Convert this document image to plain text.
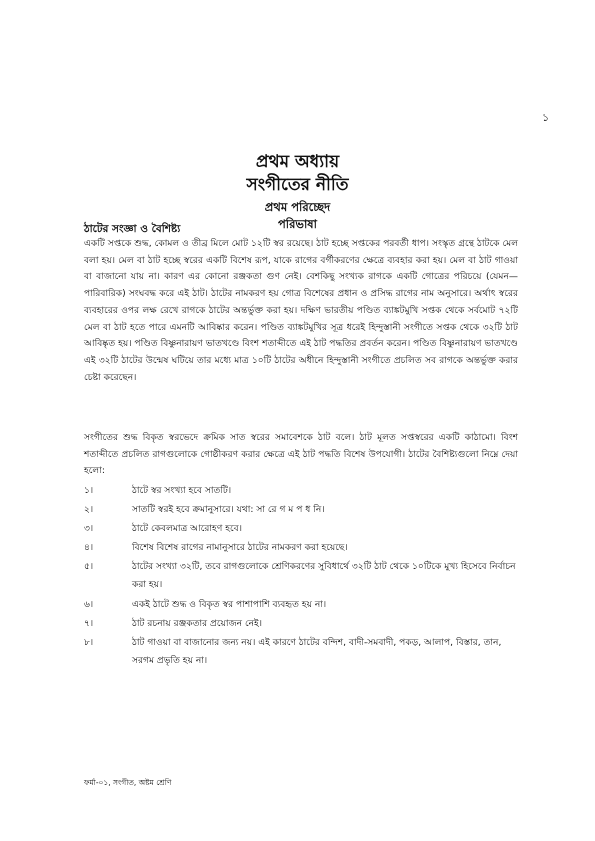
১
প্রথম অধ্যায়
সংগীতের নীতি
প্রথম পরিচ্ছেদ
পরিভাষা
ঠাটের সংজ্ঞা ও বৈশিষ্ট্য

একটি সপ্তকে শুদ্ধ, কোমল ও তীব্র মিলে মোট ১২টি স্বর রয়েছে। ঠাট হচ্ছে সপ্তকের পরবর্তী ধাপ। সংস্কৃত গ্রন্থে ঠাটকে মেল বলা হয়। মেল বা ঠাট হচ্ছে স্বরের একটি বিশেষ রূপ, যাকে রাগের বর্গীকরণের ক্ষেত্রে ব্যবহার করা হয়। মেল বা ঠাট গাওয়া বা বাজানো যায় না। কারণ এর কোনো রঞ্জকতা গুণ নেই। বেশকিছু সংখ্যক রাগকে একটি গোত্রের পরিচয়ে (যেমন— পারিবারিক) সংঘবদ্ধ করে এই ঠাট। ঠাটের নামকরণ হয় গোত্র বিশেষের প্রধান ও প্রসিদ্ধ রাগের নাম অনুসারে। অর্থাৎ স্বরের ব্যবহারের ওপর লক্ষ রেখে রাগকে ঠাটের অন্তর্ভুক্ত করা হয়। দক্ষিণ ভারতীয় পণ্ডিত ব্যাঙ্কটমুখি সপ্তক থেকে সর্বমোট ৭২টি মেল বা ঠাট হতে পারে এমনটি আবিষ্কার করেন। পণ্ডিত ব্যাঙ্কটমুখির সূত্র ধরেই হিন্দুস্তানী সংগীতে সপ্তক থেকে ৩২টি ঠাট আবিষ্কৃত হয়। পণ্ডিত বিষ্ণুনারায়ণ ভাতখণ্ডে বিংশ শতাব্দীতে এই ঠাট পদ্ধতির প্রবর্তন করেন। পণ্ডিত বিষ্ণুনারায়ণ ভাতখণ্ডে এই ৩২টি ঠাটের উন্মেষ ঘটিয়ে তার মধ্যে মাত্র ১০টি ঠাটের অধীনে হিন্দুস্তানী সংগীতে প্রচলিত সব রাগকে অন্তর্ভুক্ত করার চেষ্টা করেছেন।

সংগীতের শুদ্ধ বিকৃত স্বরভেদে ক্রমিক সাত স্বরের সমাবেশকে ঠাট বলে। ঠাট মূলত সপ্তস্বরের একটি কাঠামো। বিংশ শতাব্দীতে প্রচলিত রাগগুলোকে গোষ্ঠীকরণ করার ক্ষেত্রে এই ঠাট পদ্ধতি বিশেষ উপযোগী। ঠাটের বৈশিষ্ট্যগুলো নিম্নে দেয়া হলো:

১।	ঠাটে স্বর সংখ্যা হবে সাতটি।
২।	সাতটি স্বরই হবে ক্রমানুসারে। যথা: সা রে গ ম প ধ নি।
৩।	ঠাটে কেবলমাত্র আরোহণ হবে।
৪।	বিশেষ বিশেষ রাগের নামানুসারে ঠাটের নামকরণ করা হয়েছে।
৫।	ঠাটের সংখ্যা ৩২টি, তবে রাগগুলোকে শ্রেণিকরণের সুবিধার্থে ৩২টি ঠাট থেকে ১০টিকে মুখ্য হিসেবে নির্বাচন করা হয়।
৬।	একই ঠাটে শুদ্ধ ও বিকৃত স্বর পাশাপাশি ব্যবহৃত হয় না।
৭।	ঠাট রচনায় রঞ্জকতার প্রয়োজন নেই।
৮।	ঠাট গাওয়া বা বাজানোর জন্য নয়। এই কারণে ঠাটের বন্দিশ, বাদী-সমবাদী, পকড়, আলাপ, বিস্তার, তান, সরগম প্রভৃতি হয় না।
ফর্মা-০১, সংগীত, অষ্টম শ্রেণি
